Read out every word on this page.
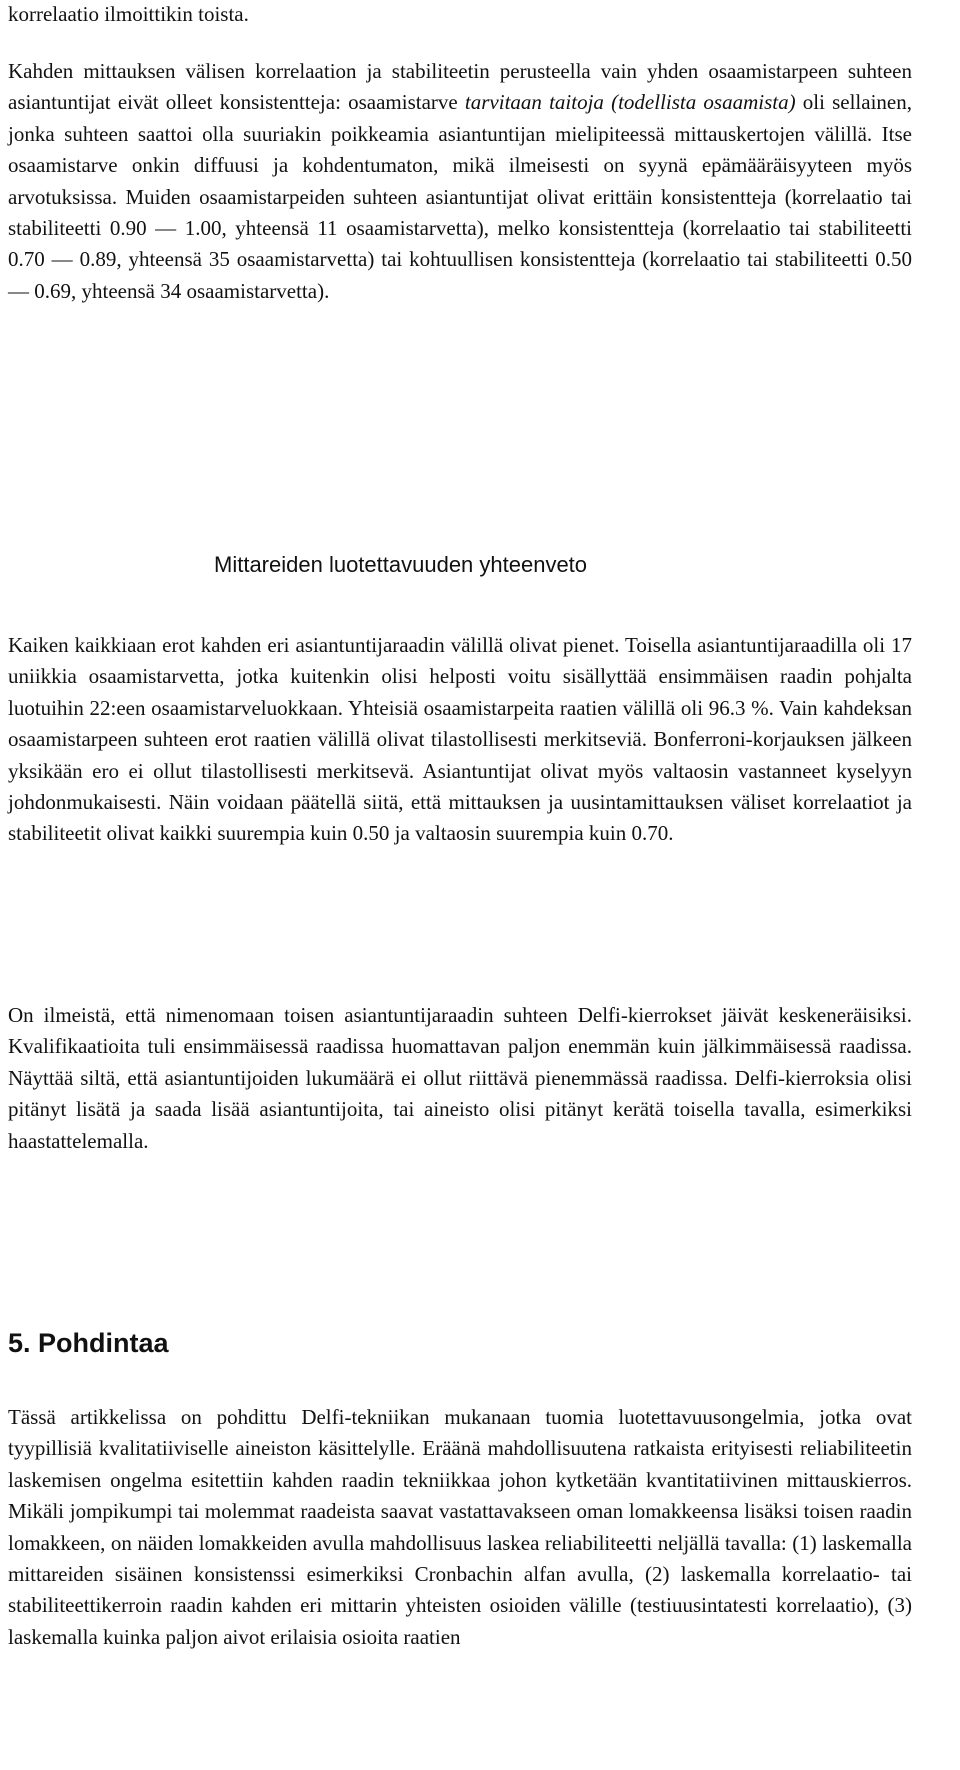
korrelaatio ilmoittikin toista.

Kahden mittauksen välisen korrelaation ja stabiliteetin perusteella vain yhden osaamistarpeen suhteen asiantuntijat eivät olleet konsistentteja: osaamistarve tarvitaan taitoja (todellista osaamista) oli sellainen, jonka suhteen saattoi olla suuriakin poikkeamia asiantuntijan mielipiteessä mittauskertojen välillä. Itse osaamistarve onkin diffuusi ja kohdentumaton, mikä ilmeisesti on syynä epämääräisyyteen myös arvotuksissa. Muiden osaamistarpeiden suhteen asiantuntijat olivat erittäin konsistentteja (korrelaatio tai stabiliteetti 0.90 — 1.00, yhteensä 11 osaamistarvetta), melko konsistentteja (korrelaatio tai stabiliteetti 0.70 — 0.89, yhteensä 35 osaamistarvetta) tai kohtuullisen konsistentteja (korrelaatio tai stabiliteetti 0.50 — 0.69, yhteensä 34 osaamistarvetta).

Mittareiden luotettavuuden yhteenveto

Kaiken kaikkiaan erot kahden eri asiantuntijaraadin välillä olivat pienet. Toisella asiantuntijaraadilla oli 17 uniikkia osaamistarvetta, jotka kuitenkin olisi helposti voitu sisällyttää ensimmäisen raadin pohjalta luotuihin 22:een osaamistarveluokkaan. Yhteisiä osaamistarpeita raatien välillä oli 96.3 %. Vain kahdeksan osaamistarpeen suhteen erot raatien välillä olivat tilastollisesti merkitseviä. Bonferroni-korjauksen jälkeen yksikään ero ei ollut tilastollisesti merkitsevä. Asiantuntijat olivat myös valtaosin vastanneet kyselyyn johdonmukaisesti. Näin voidaan päätellä siitä, että mittauksen ja uusintamittauksen väliset korrelaatiot ja stabiliteetit olivat kaikki suurempia kuin 0.50 ja valtaosin suurempia kuin 0.70.

On ilmeistä, että nimenomaan toisen asiantuntijaraadin suhteen Delfi-kierrokset jäivät keskeneräisiksi. Kvalifikaatioita tuli ensimmäisessä raadissa huomattavan paljon enemmän kuin jälkimmäisessä raadissa. Näyttää siltä, että asiantuntijoiden lukumäärä ei ollut riittävä pienemmässä raadissa. Delfi-kierroksia olisi pitänyt lisätä ja saada lisää asiantuntijoita, tai aineisto olisi pitänyt kerätä toisella tavalla, esimerkiksi haastattelemalla.

5. Pohdintaa

Tässä artikkelissa on pohdittu Delfi-tekniikan mukanaan tuomia luotettavuusongelmia, jotka ovat tyypillisiä kvalitatiiviselle aineiston käsittelylle. Eräänä mahdollisuutena ratkaista erityisesti reliabiliteetin laskemisen ongelma esitettiin kahden raadin tekniikkaa johon kytketään kvantitatiivinen mittauskierros. Mikäli jompikumpi tai molemmat raadeista saavat vastattavakseen oman lomakkeensa lisäksi toisen raadin lomakkeen, on näiden lomakkeiden avulla mahdollisuus laskea reliabiliteetti neljällä tavalla: (1) laskemalla mittareiden sisäinen konsistenssi esimerkiksi Cronbachin alfan avulla, (2) laskemalla korrelaatio- tai stabiliteettikerroin raadin kahden eri mittarin yhteisten osioiden välille (testiuusintatesti korrelaatio), (3) laskemalla kuinka paljon aivot erilaisia osioita raatien
